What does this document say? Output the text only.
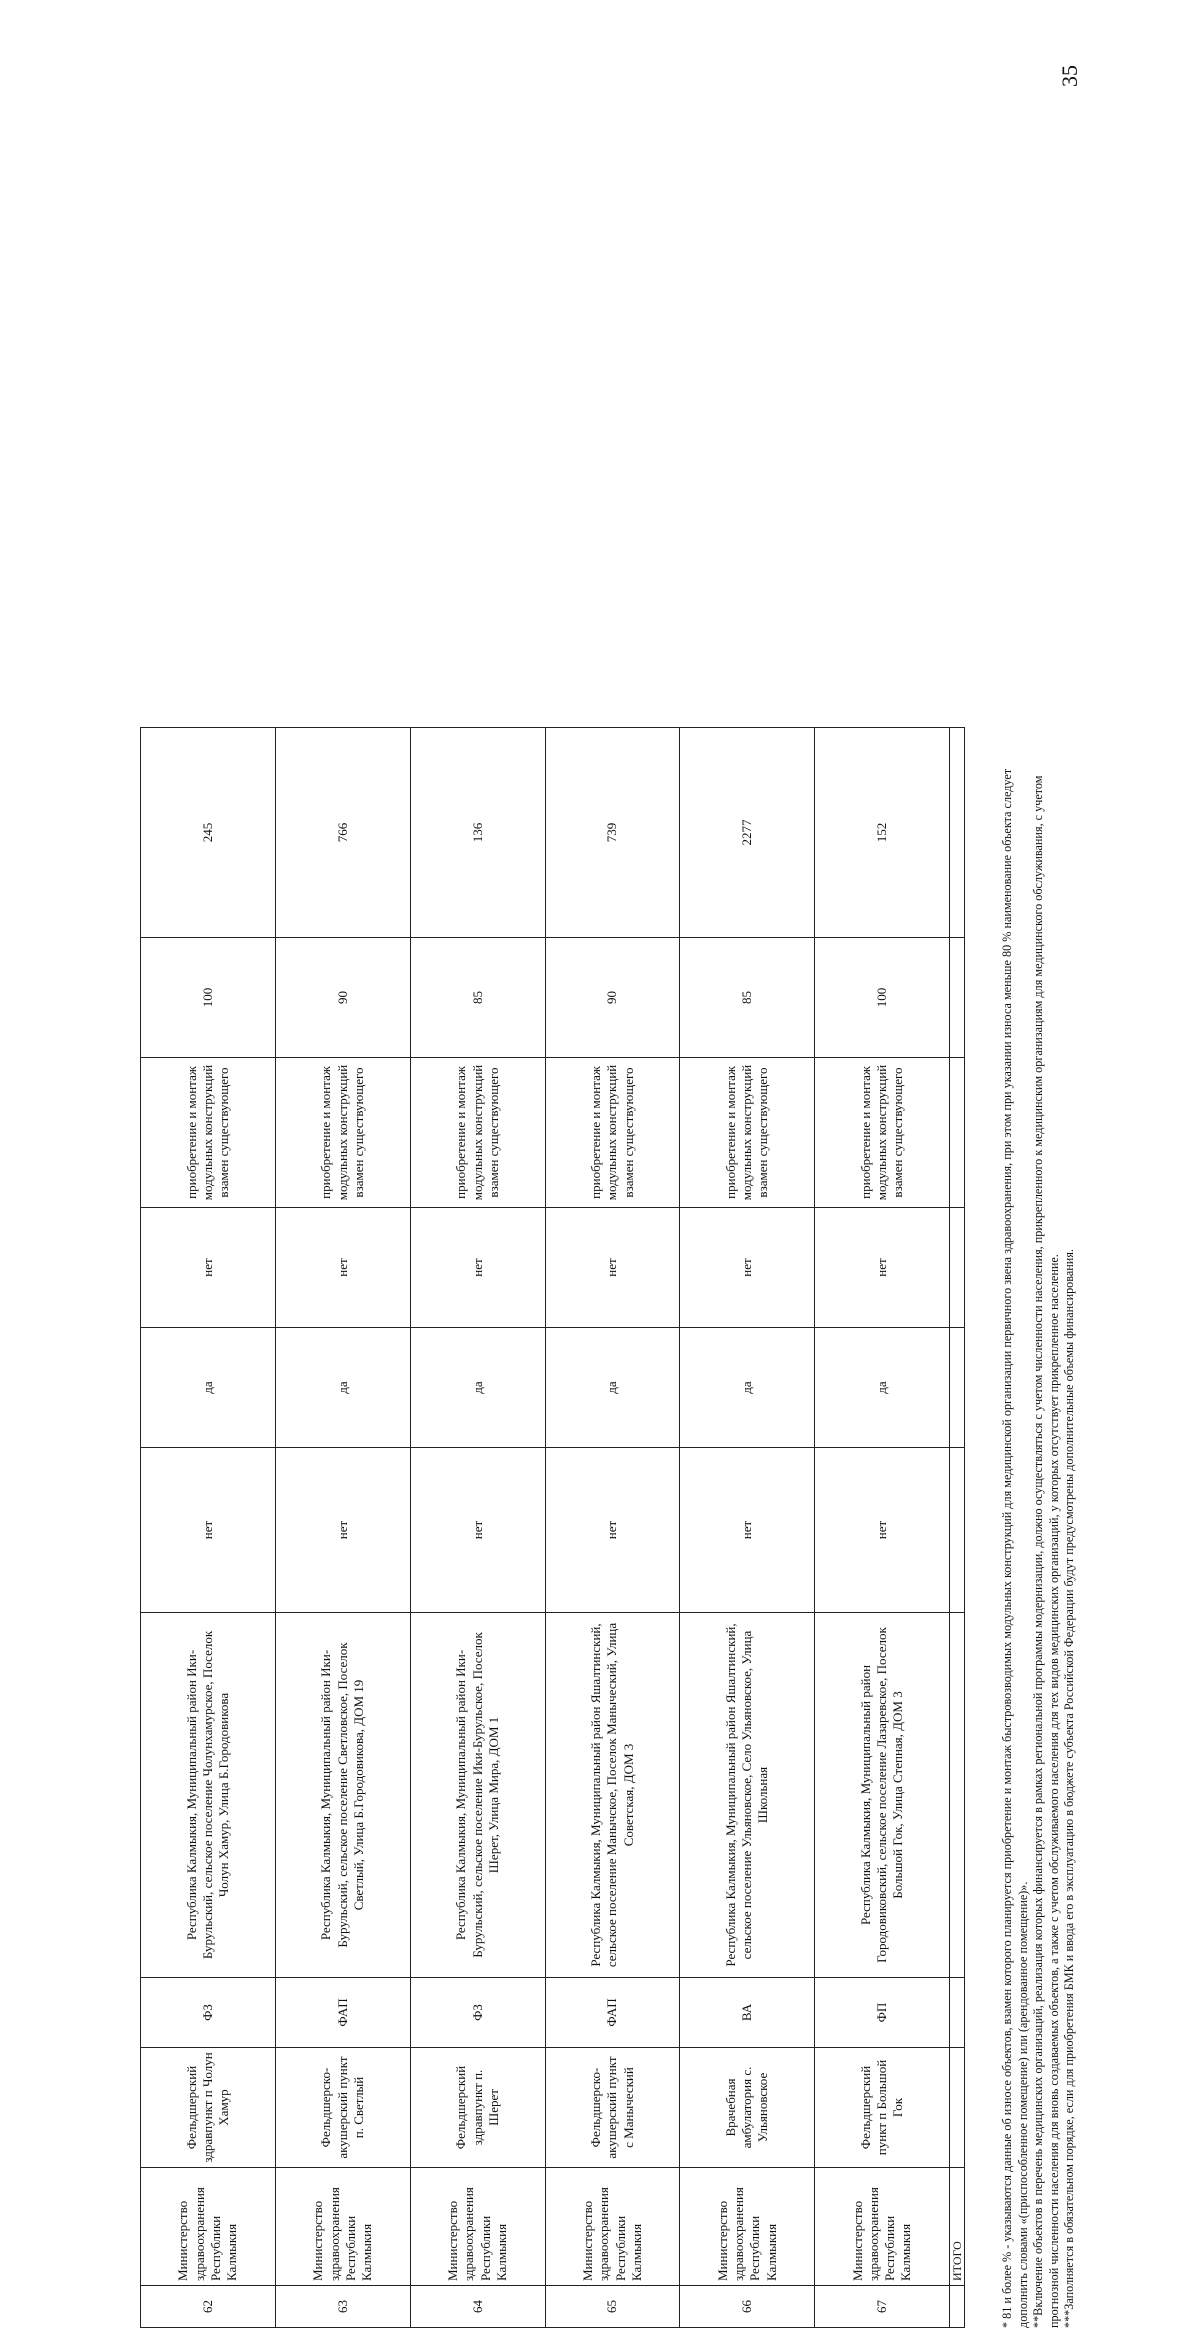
35
62	Министерство здравоохранения Республики Калмыкия	Фельдшерский здравпункт п Чолун Хамур	ФЗ	Республика Калмыкия, Муниципальный район Ики-Бурульский, сельское поселение Чолунхамурское, Поселок Чолун Хамур, Улица Б.Городовикова	нет	да	нет	приобретение и монтаж модульных конструкций взамен существующего	100	245
63	Министерство здравоохранения Республики Калмыкия	Фельдшерско-акушерский пункт п. Светлый	ФАП	Республика Калмыкия, Муниципальный район Ики-Бурульский, сельское поселение Светловское, Поселок Светлый, Улица Б.Городовикова, ДОМ 19	нет	да	нет	приобретение и монтаж модульных конструкций взамен существующего	90	766
64	Министерство здравоохранения Республики Калмыкия	Фельдшерский здравпункт п. Шерет	ФЗ	Республика Калмыкия, Муниципальный район Ики-Бурульский, сельское поселение Ики-Бурульское, Поселок Шерет, Улица Мира, ДОМ 1	нет	да	нет	приобретение и монтаж модульных конструкций взамен существующего	85	136
65	Министерство здравоохранения Республики Калмыкия	Фельдшерско-акушерский пункт с Маныческий	ФАП	Республика Калмыкия, Муниципальный район Яшалтинский, сельское поселение Манычское, Поселок Маныческий, Улица Советская, ДОМ 3	нет	да	нет	приобретение и монтаж модульных конструкций взамен существующего	90	739
66	Министерство здравоохранения Республики Калмыкия	Врачебная амбулатория с. Ульяновское	ВА	Республика Калмыкия, Муниципальный район Яшалтинский, сельское поселение Ульяновское, Село Ульяновское, Улица Школьная	нет	да	нет	приобретение и монтаж модульных конструкций взамен существующего	85	2277
67	Министерство здравоохранения Республики Калмыкия	Фельдшерский пункт п Большой Гок	ФП	Республика Калмыкия, Муниципальный район Городовиковский, сельское поселение Лазаревское, Поселок Большой Гок, Улица Степная, ДОМ 3	нет	да	нет	приобретение и монтаж модульных конструкций взамен существующего	100	152
	ИТОГО										* 81 и более % - указываются данные об износе объектов, взамен которого планируется приобретение и монтаж быстровозводимых модульных конструкций для медицинской организации первичного звена здравоохранения, при этом при указании износа меньше 80 % наименование объекта следует дополнить словами «(приспособленное помещение) или (арендованное помещение)». **Включение объектов в перечень медицинских организаций, реализация которых финансируется в рамках региональной программы модернизации, должно осуществляться с учетом численности населения, прикрепленного к медицинским организациям для медицинского обслуживания, с учетом прогнозной численности населения для вновь создаваемых объектов, а также с учетом обслуживаемого населения для тех видов медицинских организаций, у которых отсутствует прикрепленное население. ***Заполняется в обязательном порядке, если для приобретения БМК и ввода его в эксплуатацию в бюджете субъекта Российской Федерации будут предусмотрены дополнительные объемы финансирования.
